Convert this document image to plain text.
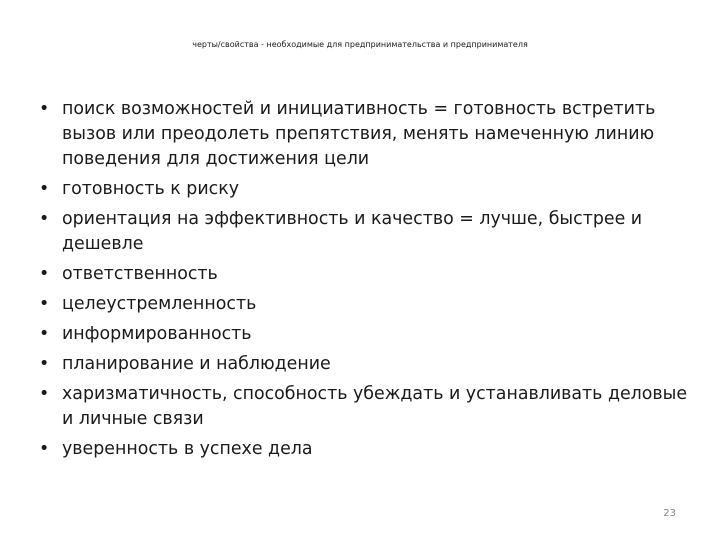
черты/свойства - необходимые для предпринимательства и предпринимателя
• поиск возможностей и инициативность = готовность встретить вызов или преодолеть препятствия, менять намеченную линию поведения для достижения цели
• готовность к риску
• ориентация на эффективность и качество = лучше, быстрее и дешевле
• ответственность
• целеустремленность
• информированность
• планирование и наблюдение
• харизматичность, способность убеждать и устанавливать деловые и личные связи
• уверенность в успехе дела
23
